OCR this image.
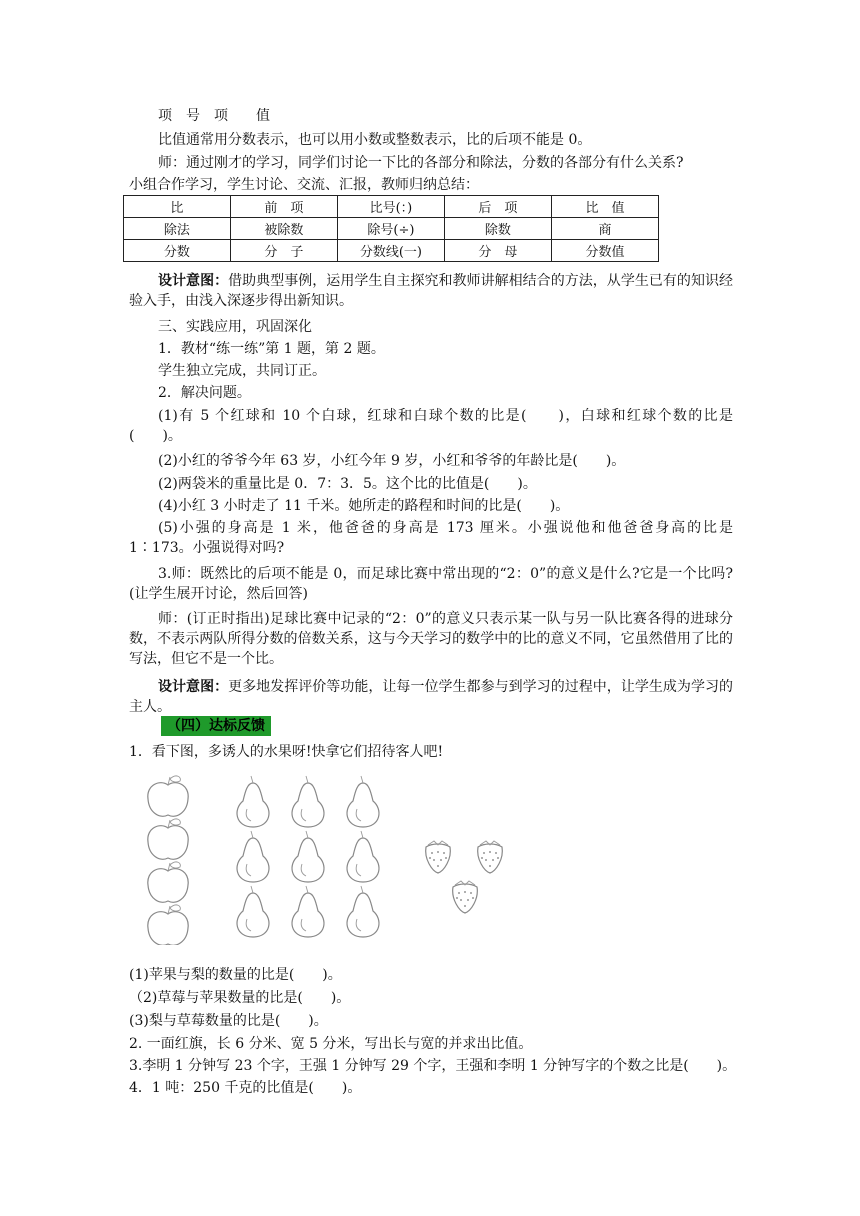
项　号　项　　值
比值通常用分数表示，也可以用小数或整数表示，比的后项不能是 0。
师：通过刚才的学习，同学们讨论一下比的各部分和除法，分数的各部分有什么关系?
小组合作学习，学生讨论、交流、汇报，教师归纳总结：
比	前　项	比号(：)	后　项	比　值
除法	被除数	除号(÷)	除数	商
分数	分　子	分数线(一)	分　母	分数值
设计意图：借助典型事例，运用学生自主探究和教师讲解相结合的方法，从学生已有的知识经验入手，由浅入深逐步得出新知识。
三、实践应用，巩固深化
1．教材“练一练”第 1 题，第 2 题。
学生独立完成，共同订正。
2．解决问题。
(1)有 5 个红球和 10 个白球，红球和白球个数的比是(　　)，白球和红球个数的比是(　　)。
(2)小红的爷爷今年 63 岁，小红今年 9 岁，小红和爷爷的年龄比是(　　)。
(2)两袋米的重量比是 0．7：3．5。这个比的比值是(　　)。
(4)小红 3 小时走了 11 千米。她所走的路程和时间的比是(　　)。
(5)小强的身高是 1 米，他爸爸的身高是 173 厘米。小强说他和他爸爸身高的比是 1∶173。小强说得对吗?
3.师：既然比的后项不能是 0，而足球比赛中常出现的“2：0”的意义是什么?它是一个比吗?(让学生展开讨论，然后回答)
师：(订正时指出)足球比赛中记录的“2：0”的意义只表示某一队与另一队比赛各得的进球分数，不表示两队所得分数的倍数关系，这与今天学习的数学中的比的意义不同，它虽然借用了比的写法，但它不是一个比。
设计意图：更多地发挥评价等功能，让每一位学生都参与到学习的过程中，让学生成为学习的主人。
（四）达标反馈
1．看下图，多诱人的水果呀!快拿它们招待客人吧!
(1)苹果与梨的数量的比是(　　)。
（2)草莓与苹果数量的比是(　　)。
(3)梨与草莓数量的比是(　　)。
2. 一面红旗，长 6 分米、宽 5 分米，写出长与宽的并求出比值。
3.李明 1 分钟写 23 个字，王强 1 分钟写 29 个字，王强和李明 1 分钟写字的个数之比是(　　)。
4．1 吨：250 千克的比值是(　　)。
